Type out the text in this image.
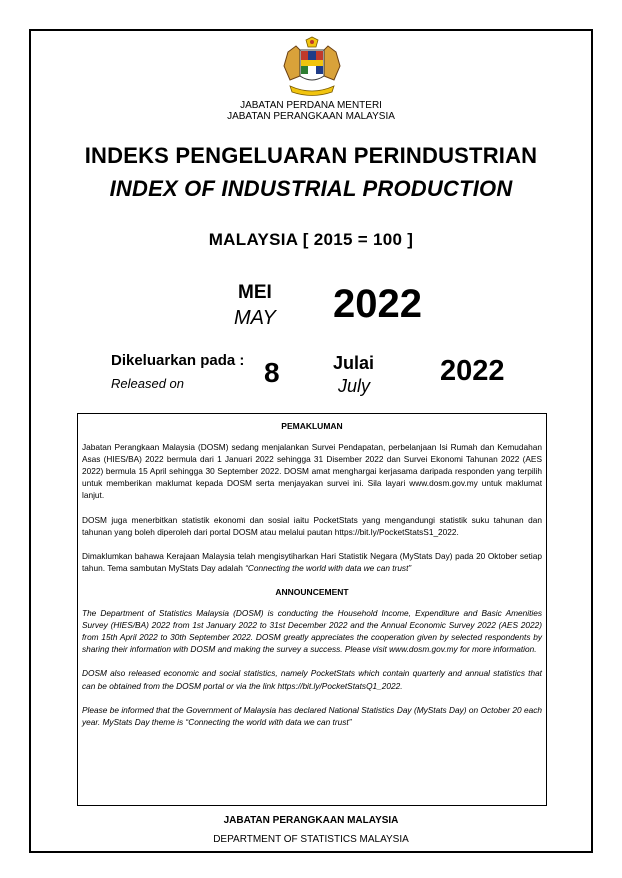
JABATAN PERDANA MENTERI
JABATAN PERANGKAAN MALAYSIA
INDEKS PENGELUARAN PERINDUSTRIAN
INDEX OF INDUSTRIAL PRODUCTION
MALAYSIA [ 2015 = 100 ]
MEI
MAY 2022
Dikeluarkan pada :
Released on	8	Julai
July 2022
PEMAKLUMAN

Jabatan Perangkaan Malaysia (DOSM) sedang menjalankan Survei Pendapatan, perbelanjaan Isi Rumah dan Kemudahan Asas (HIES/BA) 2022 bermula dari 1 Januari 2022 sehingga 31 Disember 2022 dan Survei Ekonomi Tahunan 2022 (AES 2022) bermula 15 April sehingga 30 September 2022. DOSM amat menghargai kerjasama daripada responden yang terpilih untuk memberikan maklumat kepada DOSM serta menjayakan survei ini. Sila layari www.dosm.gov.my untuk maklumat lanjut.

DOSM juga menerbitkan statistik ekonomi dan sosial iaitu PocketStats yang mengandungi statistik suku tahunan dan tahunan yang boleh diperoleh dari portal DOSM atau melalui pautan https://bit.ly/PocketStatsS1_2022.

Dimaklumkan bahawa Kerajaan Malaysia telah mengisytiharkan Hari Statistik Negara (MyStats Day) pada 20 Oktober setiap tahun. Tema sambutan MyStats Day adalah “Connecting the world with data we can trust”

ANNOUNCEMENT

The Department of Statistics Malaysia (DOSM) is conducting the Household Income, Expenditure and Basic Amenities Survey (HIES/BA) 2022 from 1st January 2022 to 31st December 2022 and the Annual Economic Survey 2022 (AES 2022) from 15th April 2022 to 30th September 2022. DOSM greatly appreciates the cooperation given by selected respondents by sharing their information with DOSM and making the survey a success. Please visit www.dosm.gov.my for more information.

DOSM also released economic and social statistics, namely PocketStats which contain quarterly and annual statistics that can be obtained from the DOSM portal or via the link https://bit.ly/PocketStatsQ1_2022.

Please be informed that the Government of Malaysia has declared National Statistics Day (MyStats Day) on October 20 each year. MyStats Day theme is “Connecting the world with data we can trust”

JABATAN PERANGKAAN MALAYSIA
DEPARTMENT OF STATISTICS MALAYSIA
